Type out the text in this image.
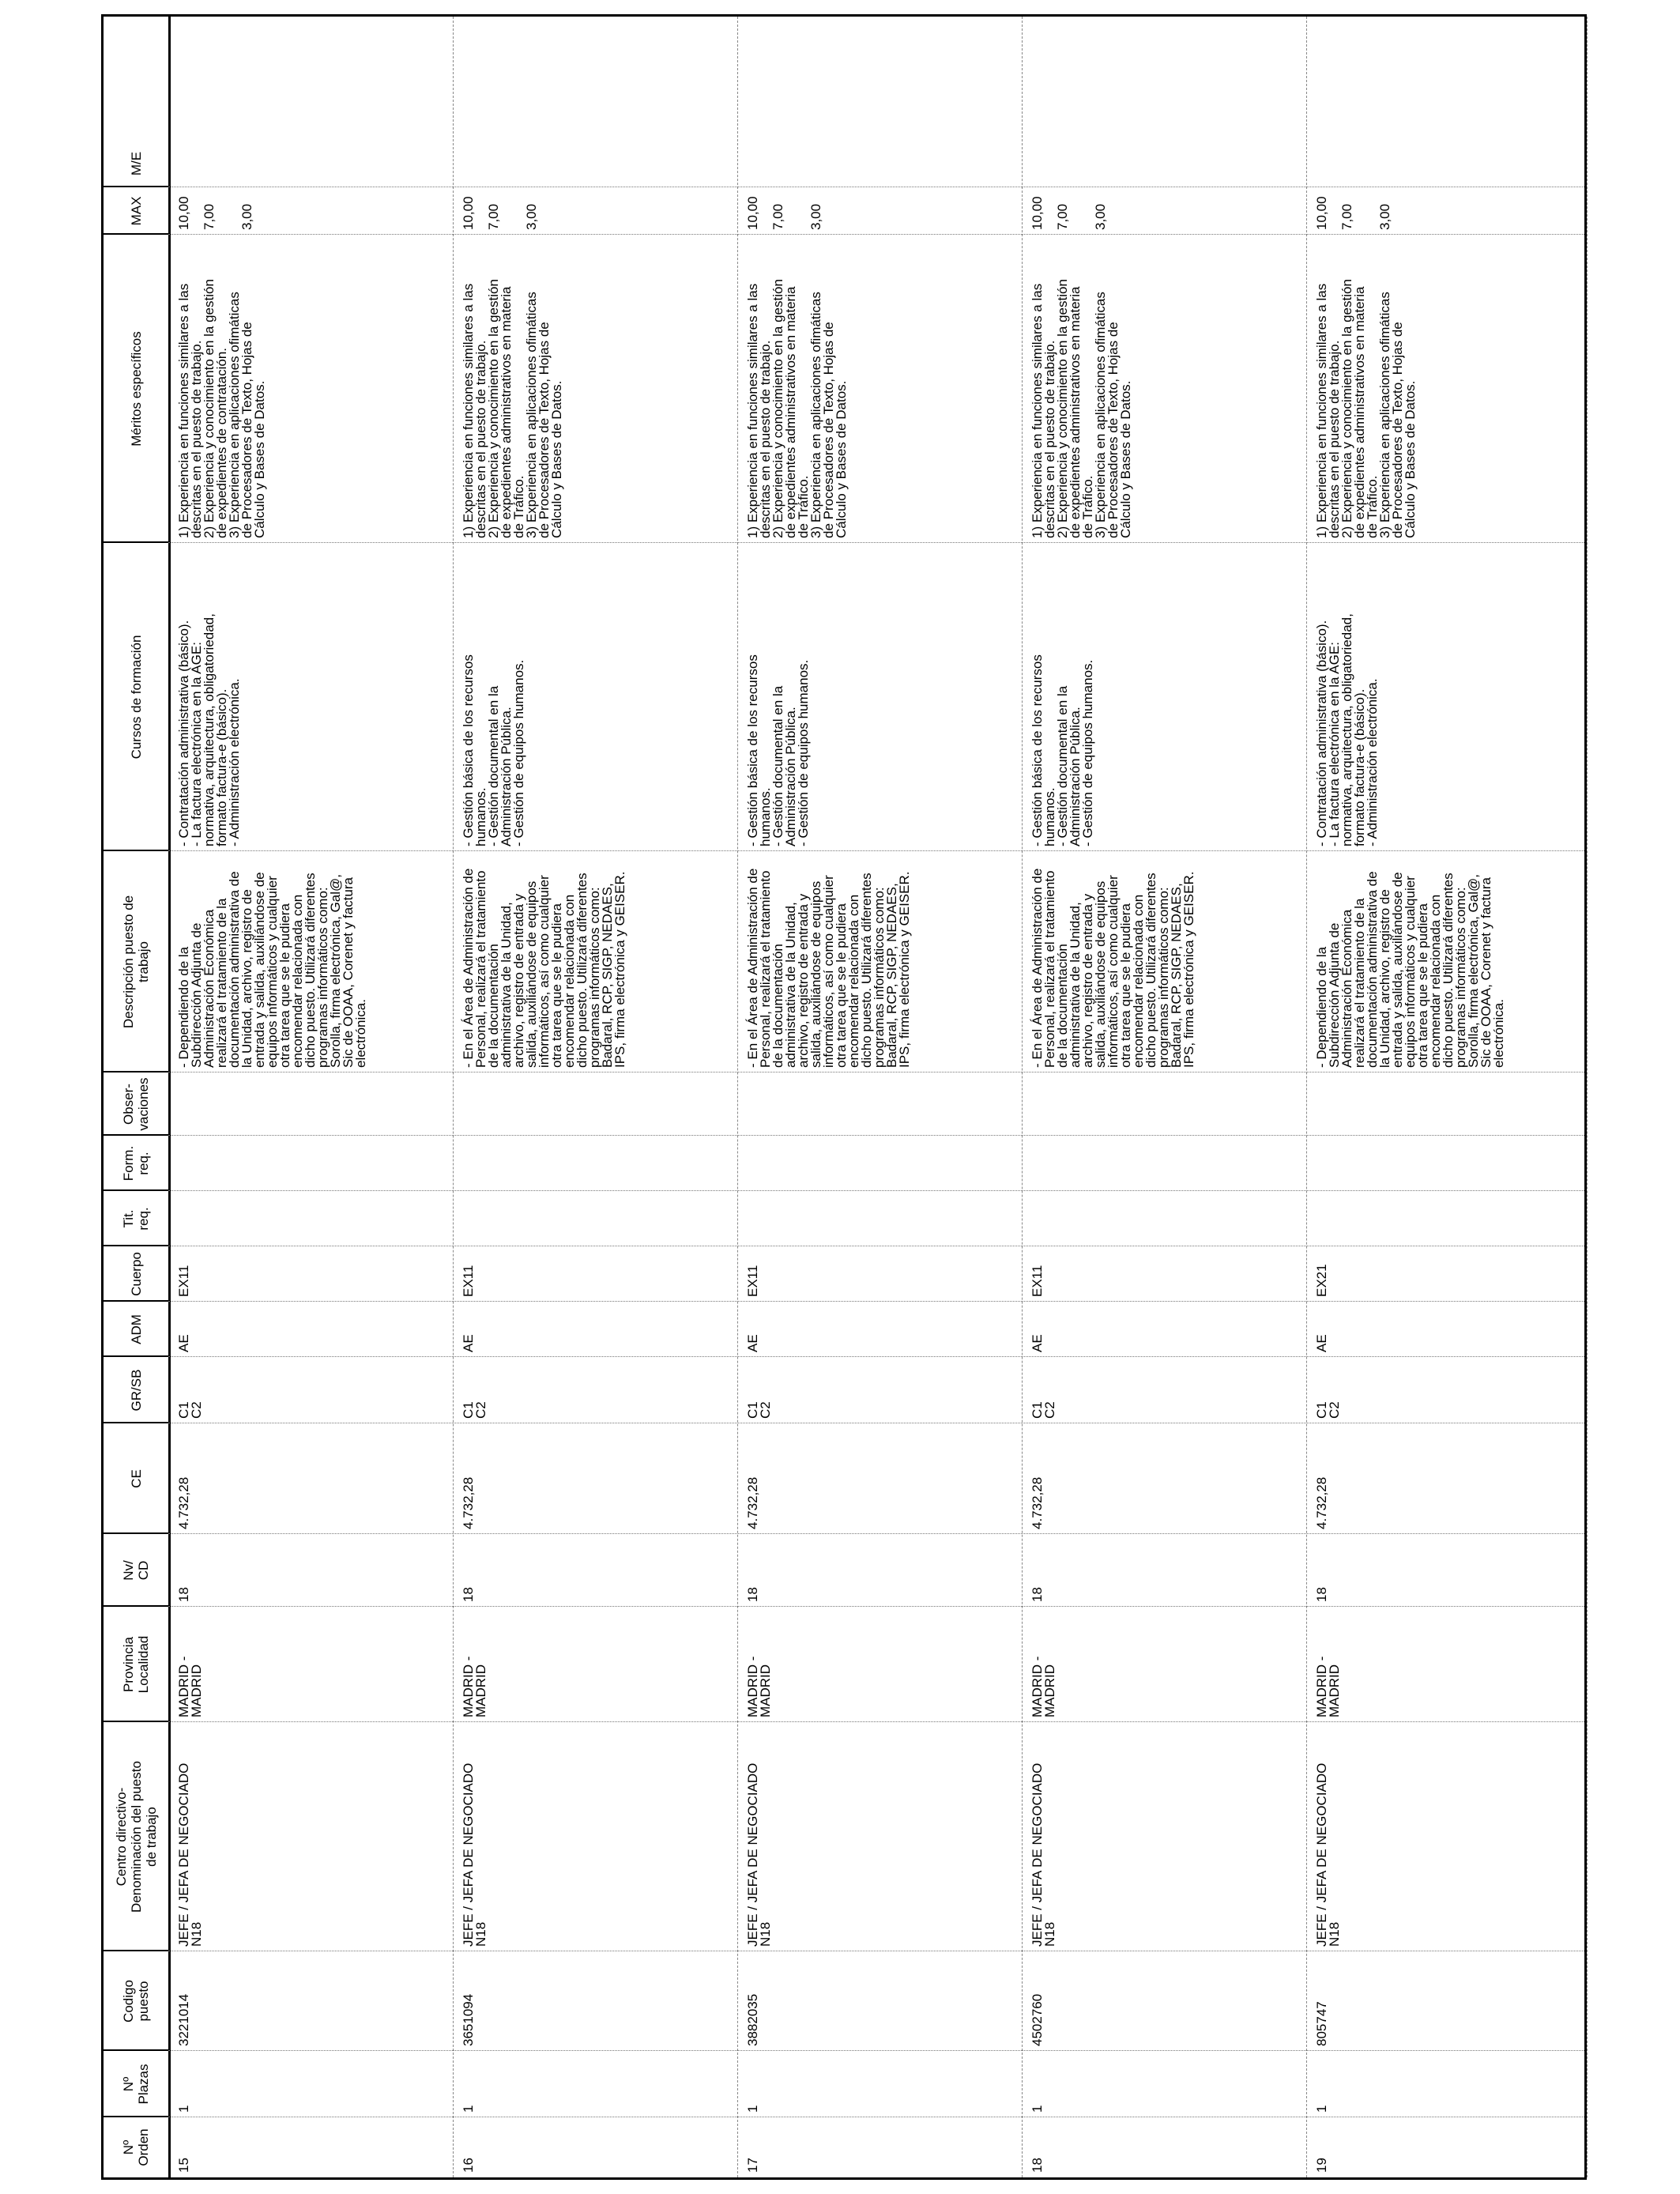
Nº
Orden
Nº
Plazas
Codigo
puesto
Centro directivo-
Denominación del puesto
de trabajo
Provincia
Localidad
Nv/
CD
CE
GR/SB
ADM
Cuerpo
Tit.
req.
Form.
req.
Obser-
vaciones
Descripción puesto de
trabajo
Cursos de formación
Méritos específicos
MAX
M/E
15
1
3221014
JEFE / JEFA DE NEGOCIADO
N18
MADRID -
MADRID
18
4.732,28
C1
C2
AE
EX11
- Dependiendo de la
Subdirección Adjunta de
Administración Económica
realizará el tratamiento de la
documentación administrativa de
la Unidad, archivo, registro de
entrada y salida, auxiliándose de
equipos informáticos y cualquier
otra tarea que se le pudiera
encomendar relacionada con
dicho puesto. Utilizará diferentes
programas informáticos como:
Sorolla, firma electrónica, Gal@,
Sic de OOAA, Corenet y factura
electrónica.
- Contratación administrativa (básico).
- La factura electrónica en la AGE:
normativa, arquitectura, obligatoriedad,
formato factura-e (básico).
- Administración electrónica.
1) Experiencia en funciones similares a las
descritas en el puesto de trabajo.
2) Experiencia y conocimiento en la gestión
de expedientes de contratación.
3) Experiencia en aplicaciones ofimáticas
de Procesadores de Texto, Hojas de
Cálculo y Bases de Datos.
10,00

7,00

3,00
16
1
3651094
JEFE / JEFA DE NEGOCIADO
N18
MADRID -
MADRID
18
4.732,28
C1
C2
AE
EX11
- En el Área de Administración de
Personal, realizará el tratamiento
de la documentación
administrativa de la Unidad,
archivo, registro de entrada y
salida, auxiliándose de equipos
informáticos, así como cualquier
otra tarea que se le pudiera
encomendar relacionada con
dicho puesto. Utilizará diferentes
programas informáticos como:
Badaral, RCP, SIGP, NEDAES,
IPS, firma electrónica y GEISER.
- Gestión básica de los recursos
humanos.
- Gestión documental en la
Administración Pública.
- Gestión de equipos humanos.
1) Experiencia en funciones similares a las
descritas en el puesto de trabajo.
2) Experiencia y conocimiento en la gestión
de expedientes administrativos en materia
de Tráfico.
3) Experiencia en aplicaciones ofimáticas
de Procesadores de Texto, Hojas de
Cálculo y Bases de Datos.
10,00

7,00

3,00
17
1
3882035
JEFE / JEFA DE NEGOCIADO
N18
MADRID -
MADRID
18
4.732,28
C1
C2
AE
EX11
- En el Área de Administración de
Personal, realizará el tratamiento
de la documentación
administrativa de la Unidad,
archivo, registro de entrada y
salida, auxiliándose de equipos
informáticos, así como cualquier
otra tarea que se le pudiera
encomendar relacionada con
dicho puesto. Utilizará diferentes
programas informáticos como:
Badaral, RCP, SIGP, NEDAES,
IPS, firma electrónica y GEISER.
- Gestión básica de los recursos
humanos.
- Gestión documental en la
Administración Pública.
- Gestión de equipos humanos.
1) Experiencia en funciones similares a las
descritas en el puesto de trabajo.
2) Experiencia y conocimiento en la gestión
de expedientes administrativos en materia
de Tráfico.
3) Experiencia en aplicaciones ofimáticas
de Procesadores de Texto, Hojas de
Cálculo y Bases de Datos.
10,00

7,00

3,00
18
1
4502760
JEFE / JEFA DE NEGOCIADO
N18
MADRID -
MADRID
18
4.732,28
C1
C2
AE
EX11
- En el Área de Administración de
Personal, realizará el tratamiento
de la documentación
administrativa de la Unidad,
archivo, registro de entrada y
salida, auxiliándose de equipos
informáticos, así como cualquier
otra tarea que se le pudiera
encomendar relacionada con
dicho puesto. Utilizará diferentes
programas informáticos como:
Badaral, RCP, SIGP, NEDAES,
IPS, firma electrónica y GEISER.
- Gestión básica de los recursos
humanos.
- Gestión documental en la
Administración Pública.
- Gestión de equipos humanos.
1) Experiencia en funciones similares a las
descritas en el puesto de trabajo.
2) Experiencia y conocimiento en la gestión
de expedientes administrativos en materia
de Tráfico.
3) Experiencia en aplicaciones ofimáticas
de Procesadores de Texto, Hojas de
Cálculo y Bases de Datos.
10,00

7,00

3,00
19
1
805747
JEFE / JEFA DE NEGOCIADO
N18
MADRID -
MADRID
18
4.732,28
C1
C2
AE
EX21
- Dependiendo de la
Subdirección Adjunta de
Administración Económica
realizará el tratamiento de la
documentación administrativa de
la Unidad, archivo, registro de
entrada y salida, auxiliándose de
equipos informáticos y cualquier
otra tarea que se le pudiera
encomendar relacionada con
dicho puesto. Utilizará diferentes
programas informáticos como:
Sorolla, firma electrónica, Gal@,
Sic de OOAA, Corenet y factura
electrónica.
- Contratación administrativa (básico).
- La factura electrónica en la AGE:
normativa, arquitectura, obligatoriedad,
formato factura-e (básico).
- Administración electrónica.
1) Experiencia en funciones similares a las
descritas en el puesto de trabajo.
2) Experiencia y conocimiento en la gestión
de expedientes administrativos en materia
de Tráfico.
3) Experiencia en aplicaciones ofimáticas
de Procesadores de Texto, Hojas de
Cálculo y Bases de Datos.
10,00

7,00

3,00
